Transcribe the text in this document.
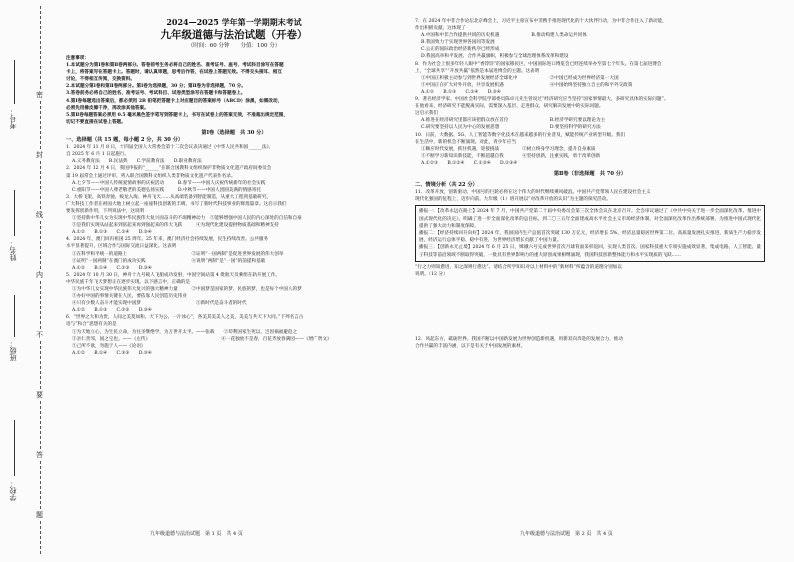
考号：
姓名：
班级：
学校：
密
封
线
内
不
要
答
题
2024—2025 学年第一学期期末考试
九年级道德与法治试题（开卷）
（时间：60 分钟　　分值：100 分）
注意事项：
1.本试题分为第Ⅰ卷和第Ⅱ卷两部分。答卷前考生务必将自己的姓名、准考证号、座号、考试科目涂写在答题
卡上，将答案写在答题卡上。答题时，请认真审题，思考后作答，在试卷上答题无效。不得交头接耳、相互
讨论，不得相互传阅，交换资料。
2.本试题分第Ⅰ卷和第Ⅱ卷两部分。第Ⅰ卷为选择题，30 分；第Ⅱ卷为非选择题，70 分。
3.答卷前务必将自己的姓名、准考证号、考试科目、试卷类型涂写在答题卡和答题卷上。
4.第Ⅰ卷每题选出答案后，都必须用 2B 铅笔把答题卡上对应题目的答案标号（ABCD）涂黑，如需改动，
必须先用橡皮擦干净，再改涂其他答案。
5.第Ⅱ卷每题答案必须用 0.5 毫米黑色签字笔写到答题卡上，书写在试卷上的答案无效，不准超出规定范围，
切记不要直接在试卷上答题。
第Ⅰ卷（选择题　共 30 分）
一、选择题（共 15 题，每小题 2 分，共 30 分）
1．2024 年 11 月 8 日，十四届全国人大常委会第十二次会议表决通过《中华人民共和国______法》，
自 2025 年 6 月 1 日起施行。
A.义务教育法　　B.民法典　　C.学前教育法　　D.职业教育法
2．2024 年 12 月 4 日，我国申报的“______”在联合国教科文组织保护非物质文化遗产政府间委员会
第 19 届常会上通过评审，列入联合国教科文组织人类非物质文化遗产代表作名录。
A.七夕节——中国人传统爱情故事的庆祝活动　　　B.春节——中国人庆祝传统新年的社会实践
C.重阳节——中国人尊老敬老的美德弘扬实践　　　D.中秋节——中国人团圆美满的情感寄托
3．大桥飞架、高铁奔驰、蛟龙入海、神舟飞天……从高端装备到智能制造，从重大工程到基础研究，
广大科技工作者在祖国大地上树立起一座座科技创新的丰碑，书写了新时代科技事业的辉煌篇章。这启示我们
要发挥创新作用，下列说法中，这说明
①坚持新中华儿女为实现中华民族伟大复兴而奋斗的不竭精神动力　②能够增强中国人民的内心深处的自信和自豪
③是我们实现从站起来到富起来再到强起来的伟大飞跃　　　④为现代化建设提供物质基础和精神支持
A.①②　　B.①③　　C.②④　　D.③④
4．2024 年，澳门回归祖国 25 周年。25 年来，澳门经济社会持续发展，民生持续改善。公共服务
水平显著提升，区域合作与国际交流日益深化。这表明
①在科学和平统一的道路上　　　　　　　　　　　　　　②证明“一国两制”是促进世界发展的伟大创举
③证明“一国两制”在澳门的成功实践　　　　　　　　　　④说明“两制”是“一国”的前提和基础
A.①②　　B.①④　　C.②③　　D.③④
5．2024 年 10 月 30 日，神舟十九号载人飞船成功发射，中国空间站第 4 批航天员乘组在轨开展工作。
中华民族千年飞天梦想正在逐步实现。以下感言中，正确的是
①为中华儿女实现中华民族伟大复兴的强大精神力量　　　②中国梦是国家的梦、民族的梦，也是每个中国人的梦
③办好中国的事情关键在人民，要依靠人民创造历史伟业
④只有少数人奋斗才能实现中国梦　　　　　　　　　　　　⑤新时代是奋斗者的时代
A.①②　　B.①③　　C.②⑤　　D.③④
6．“世界之大和为贵，人间之美莫如和，天下为公、一片冰心”，各美其美美人之美，美美与共天下大同。”下列名言古
语与“和合”思想有关的是
①为天地立心，为生民立命，为往圣继绝学，为万世开太平。——张载　　②苟利国家生死以，岂因祸福避趋之
③亲仁善邻，国之宝也。——《左传》　　　　　　　　　　　　　　　　④一花独放不是春，百花齐放春满园——《增广贤文》
⑤己所不欲，勿施于人——《论语》
A.①②　　B.①④　　C.③⑤　　D.③④
九年级道德与法治试题　第 1 页　共 4 页
7．在 2024 年中非合作论坛北京峰会上，习近平主席宣布中非携手推进现代化的十大伙伴行动，为中非合作注入了新动能，
作出积极贡献。这体现了
A.中国和中非合作提供共同的历史机遇　　　　　　　B.推动构建人类命运共同体
B.我国致力于实现世界各国同等发展
C.公正的国际政治经济新秩序已经形成
D.我国高举和平发展、合作共赢旗帜，积极参与全球治理体系改革和建设
8．作为社会上很多年轻人眼中“香饽饽”的国家移民区，中国国际进口博览会已经连续举办至第七个年头。在第七届进博会
上，“全球共享”“开放共赢”依然是本届进博会的主题。这表明
①中国正积极主动参与到世界发展经济全球化中　　　　　　　②中国已经成为世界经济第一大国
③中国正在扩大对外开放，共享发展机遇　　　　　　　　　　④中国始终坚持独立自主的和平外交政策
A.①②　　B.①③　　C.②④　　D.③④
9．著名经济学家、中国社会科学院学部委员陈卓元先生曾说过“经济研究应当坚持“国家事情最大，多研究具体的实际问题”。
在他看来，经济研究不能脱离实际，需要深入基层、走进群众，研究解决发展中的实际问题。
这启示我们
A.推进在经济研究里都应该把群众放在首位　　　　　　　　　B.经济学研究要以理论为主
C.研究要坚持以人民为中心的发展思想　　　　　　　　　　　D.要坚持科学的研究方法
10．日前，大数据、5G、人工智能等数字化技术在越来越多的行业普及，赋能传统产业转型升级。我们
在生活中，新的机会不断涌现。对此，青少年应当
①顺应时代发展，抓住机遇，迎接挑战　　　　　②树立终身学习理念，提升自身素质
③不断学习新知识新技能，不断超越自我　　　　④坚持创新，注重实践，勇于改革创新
A.①②③　　B.①②④　　C.①③④　　D.②③④
第Ⅱ卷（非选择题　共 70 分）
二、情境分析（共 22 分）
11．改革开放，创新驱动，中国号的巨轮必将在这个伟大的时代继续乘风破浪。中国共产党带领人民在建设社会主义
现代化强国的征程上，迈步向前。九年级（1）班开展以“对改革开放的认识”为主题的探究活动。

播报一：【改革永远在路上】2024 年 7 月，中国共产党第二十届中央委员会第三次全体会议在北京召开。全会审议通过了《中共中央关于进一步全面深化改革、推进中国式现代化的决定》，明确了进一步全面深化改革的总目标，到二〇三五年全面建成高水平社会主义市场经济体制，对全面深化改革作出系统部署，为推进中国式现代化提供了强大动力和制度保障。

播报二：【经济持续回升向好】2024 年，我国国内生产总值首次突破 130 万亿元，经济增长 5%，经济总量稳居世界第二位。高质量发展扎实推进，新质生产力稳步发展，经济运行总体平稳、稳中有进，为世界经济增长贡献了中国力量。

播报三：【创新永无止境】2024 年 6 月 25 日，嫦娥六号完成世界首次月球背面采样返回，实现人类首次。国家科技重大专项实施成效显著，集成电路、人工智能、量子科技等前沿领域不断取得突破，一批具有世界影响力的重大原创成果相继涌现，我国科技创新整体能力和水平实现质的飞跃……

“行之力则知愈进，知之深则行愈达”。请结合所学知识对以上材料中的“新材料”所蕴含的道理分别加以
说明。（12 分）
12．风起东方，砥砺世界。我国不断以中国新发展为世界创造新机遇，用新双向奔赴的发展合力，推动
合作共赢的丰富内涵，以下是有关于中国发展的素材。
九年级道德与法治试题　第 2 页　共 4 页
